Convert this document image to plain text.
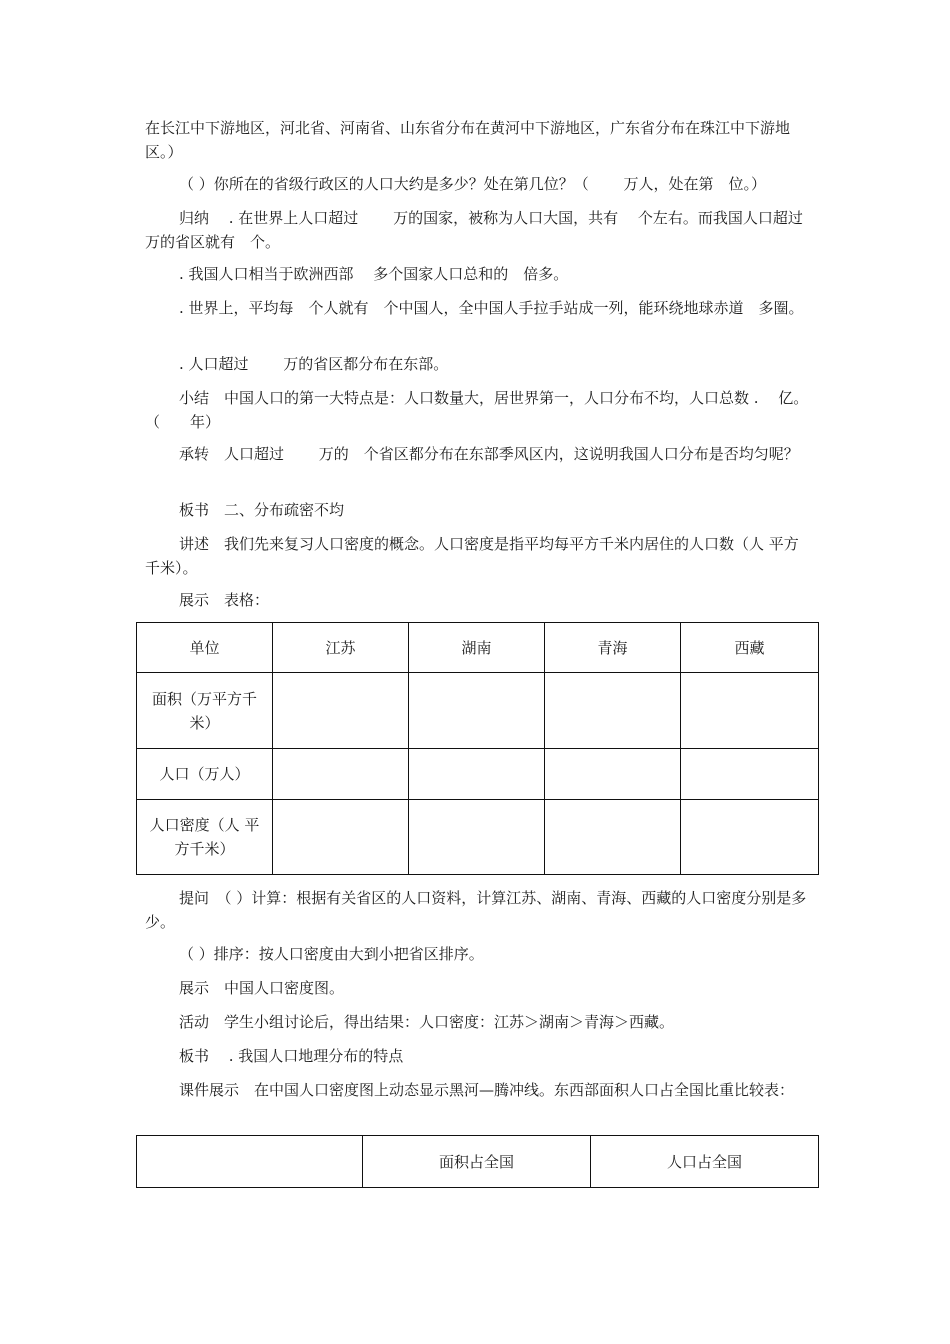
在长江中下游地区，河北省、河南省、山东省分布在黄河中下游地区，广东省分布在珠江中下游地区。）

（ ）你所在的省级行政区的人口大约是多少？处在第几位？（　　 万人，处在第　位。）

归纳　 . 在世界上人口超过　　 万的国家，被称为人口大国，共有　 个左右。而我国人口超过　　 万的省区就有　个。

. 我国人口相当于欧洲西部　 多个国家人口总和的　倍多。

. 世界上，平均每　个人就有　个中国人，全中国人手拉手站成一列，能环绕地球赤道　多圈。

. 人口超过　　 万的省区都分布在东部。

小结　中国人口的第一大特点是：人口数量大，居世界第一，人口分布不均，人口总数 .　 亿。（　　年）

承转　人口超过　　 万的　个省区都分布在东部季风区内，这说明我国人口分布是否均匀呢？

板书　二、分布疏密不均

讲述　我们先来复习人口密度的概念。人口密度是指平均每平方千米内居住的人口数（人 平方千米）。

展示　表格：

单位	江苏	湖南	青海	西藏
面积（万平方千米）				
人口（万人）				
人口密度（人 平方千米）				

提问　（ ）计算：根据有关省区的人口资料，计算江苏、湖南、青海、西藏的人口密度分别是多少。

（ ）排序：按人口密度由大到小把省区排序。

展示　中国人口密度图。

活动　学生小组讨论后，得出结果：人口密度：江苏＞湖南＞青海＞西藏。

板书　 . 我国人口地理分布的特点

课件展示　在中国人口密度图上动态显示黑河—腾冲线。东西部面积人口占全国比重比较表：

	面积占全国	人口占全国
